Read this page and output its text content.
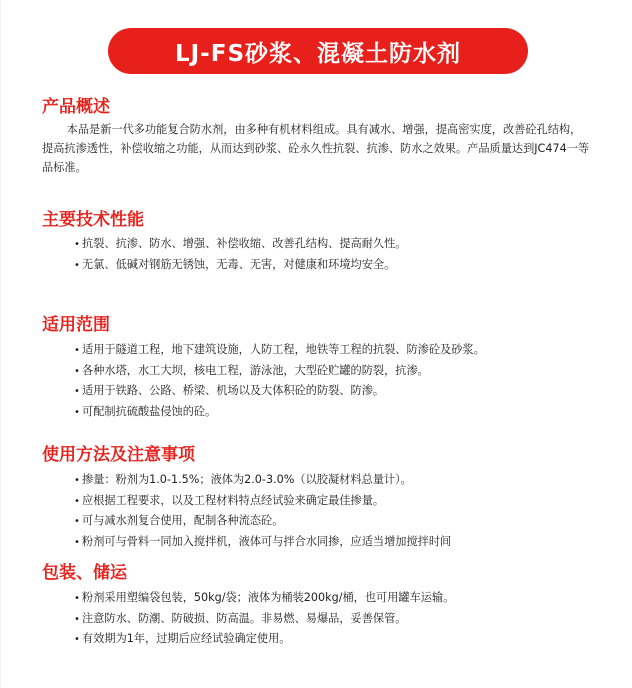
LJ-FS砂浆、混凝土防水剂
产品概述

本品是新一代多功能复合防水剂，由多种有机材料组成。具有减水、增强，提高密实度，改善砼孔结构，提高抗渗透性，补偿收缩之功能，从而达到砂浆、砼永久性抗裂、抗渗、防水之效果。产品质量达到JC474一等品标准。

主要技术性能
• 抗裂、抗渗、防水、增强、补偿收缩、改善孔结构、提高耐久性。
• 无氯、低碱对钢筋无锈蚀，无毒、无害，对健康和环境均安全。
适用范围
• 适用于隧道工程，地下建筑设施，人防工程，地铁等工程的抗裂、防渗砼及砂浆。
• 各种水塔，水工大坝，核电工程，游泳池，大型砼贮罐的防裂，抗渗。
• 适用于铁路、公路、桥梁、机场以及大体积砼的防裂、防渗。
• 可配制抗硫酸盐侵蚀的砼。
使用方法及注意事项
• 掺量：粉剂为1.0-1.5%；液体为2.0-3.0%（以胶凝材料总量计）。
• 应根据工程要求，以及工程材料特点经试验来确定最佳掺量。
• 可与减水剂复合使用，配制各种流态砼。
• 粉剂可与骨料一同加入搅拌机，液体可与拌合水同掺，应适当增加搅拌时间
包装、储运
• 粉剂采用塑编袋包装，50kg/袋；液体为桶装200kg/桶，也可用罐车运输。
• 注意防水、防潮、防破损、防高温。非易燃、易爆品，妥善保管。
• 有效期为1年，过期后应经试验确定使用。
